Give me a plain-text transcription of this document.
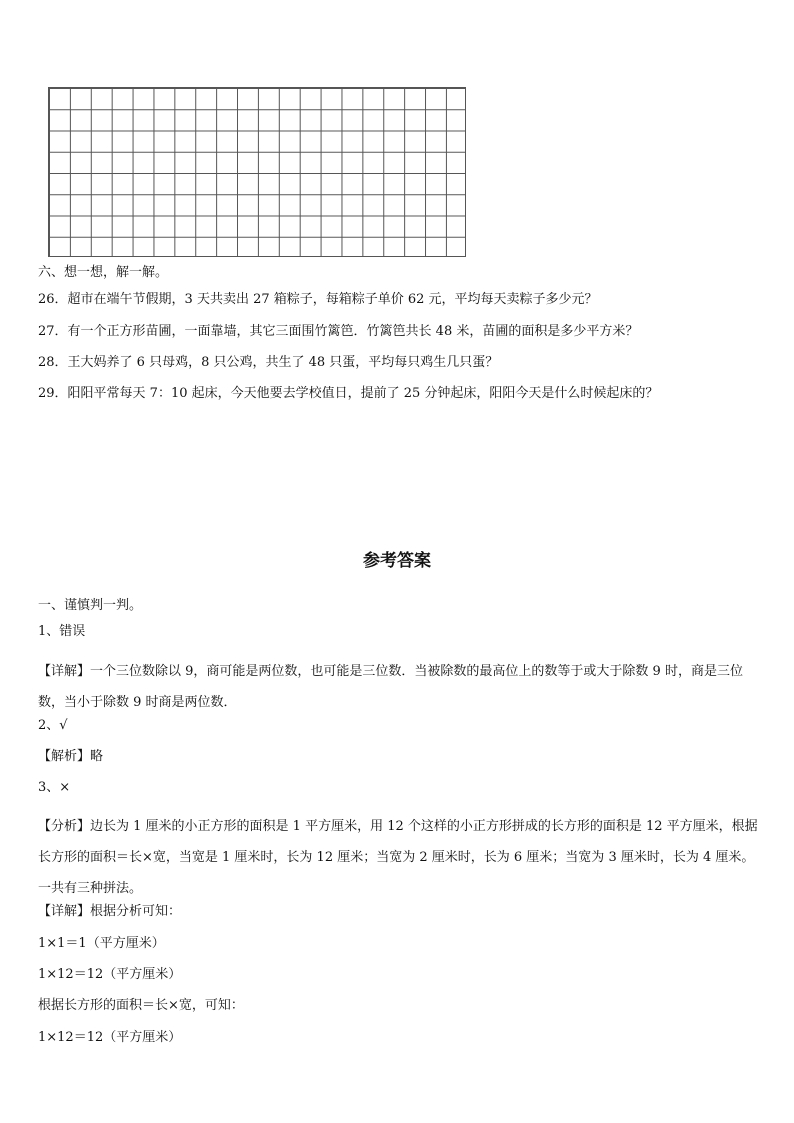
六、想一想，解一解。
26．超市在端午节假期，3 天共卖出 27 箱粽子，每箱粽子单价 62 元，平均每天卖粽子多少元？
27．有一个正方形苗圃，一面靠墙，其它三面围竹篱笆．竹篱笆共长 48 米，苗圃的面积是多少平方米？
28．王大妈养了 6 只母鸡，8 只公鸡，共生了 48 只蛋，平均每只鸡生几只蛋？
29．阳阳平常每天 7：10 起床，今天他要去学校值日，提前了 25 分钟起床，阳阳今天是什么时候起床的？
参考答案
一、谨慎判一判。
1、错误
【详解】一个三位数除以 9，商可能是两位数，也可能是三位数．当被除数的最高位上的数等于或大于除数 9 时，商是三位数，当小于除数 9 时商是两位数．
2、√
【解析】略
3、×
【分析】边长为 1 厘米的小正方形的面积是 1 平方厘米，用 12 个这样的小正方形拼成的长方形的面积是 12 平方厘米，根据长方形的面积＝长×宽，当宽是 1 厘米时，长为 12 厘米；当宽为 2 厘米时，长为 6 厘米；当宽为 3 厘米时，长为 4 厘米。一共有三种拼法。
【详解】根据分析可知：
1×1＝1（平方厘米）
1×12＝12（平方厘米）
根据长方形的面积＝长×宽，可知：
1×12＝12（平方厘米）
